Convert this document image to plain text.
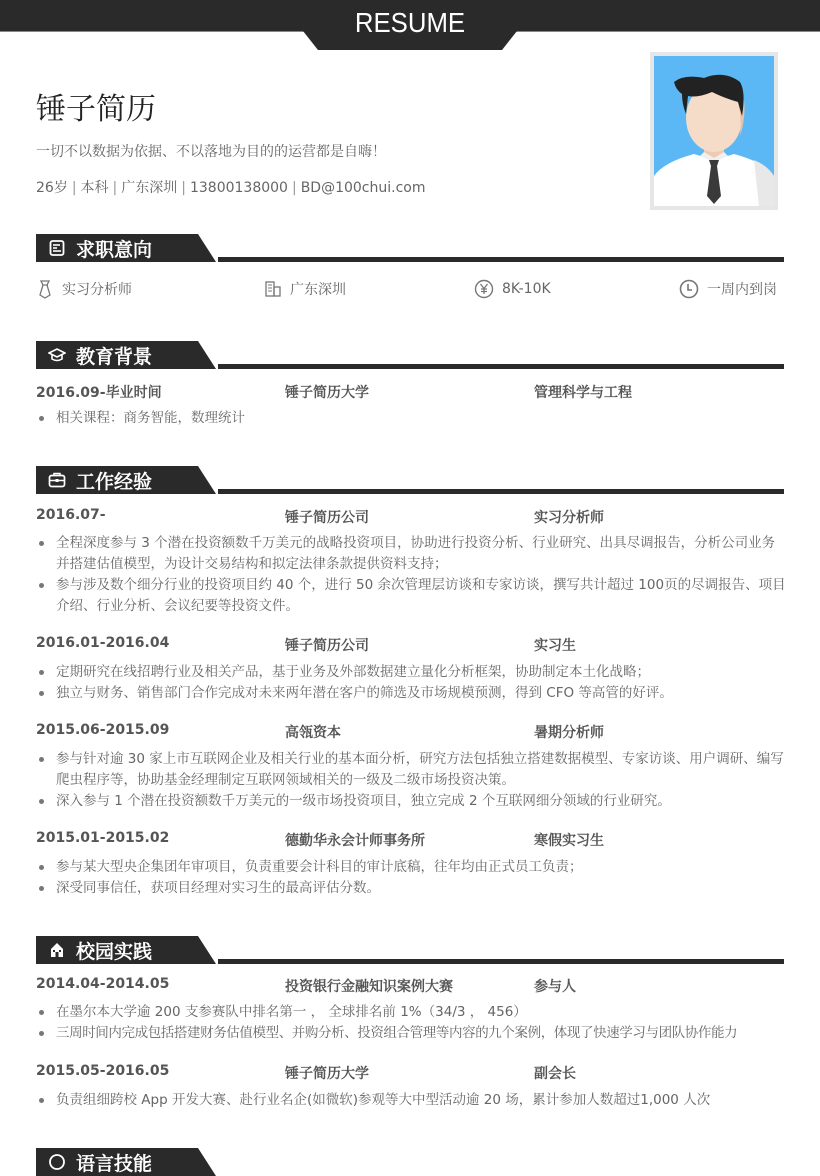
RESUME
锤子简历
一切不以数据为依据、不以落地为目的的运营都是自嗨！
26岁 | 本科 | 广东深圳 | 13800138000 | BD@100chui.com
求职意向
实习分析师	广东深圳	8K-10K	一周内到岗
教育背景
2016.09-毕业时间	锤子简历大学	管理科学与工程
相关课程：商务智能，数理统计
工作经验
2016.07-	锤子简历公司	实习分析师
全程深度参与 3 个潜在投资额数千万美元的战略投资项目，协助进行投资分析、行业研究、出具尽调报告，分析公司业务并搭建估值模型，为设计交易结构和拟定法律条款提供资料支持；
参与涉及数个细分行业的投资项目约 40 个，进行 50 余次管理层访谈和专家访谈，撰写共计超过 100页的尽调报告、项目介绍、行业分析、会议纪要等投资文件。
2016.01-2016.04	锤子简历公司	实习生
定期研究在线招聘行业及相关产品，基于业务及外部数据建立量化分析框架，协助制定本土化战略；
独立与财务、销售部门合作完成对未来两年潜在客户的筛选及市场规模预测，得到 CFO 等高管的好评。
2015.06-2015.09	高瓴资本	暑期分析师
参与针对逾 30 家上市互联网企业及相关行业的基本面分析，研究方法包括独立搭建数据模型、专家访谈、用户调研、编写爬虫程序等，协助基金经理制定互联网领域相关的一级及二级市场投资决策。
深入参与 1 个潜在投资额数千万美元的一级市场投资项目，独立完成 2 个互联网细分领域的行业研究。
2015.01-2015.02	德勤华永会计师事务所	寒假实习生
参与某大型央企集团年审项目，负责重要会计科目的审计底稿，往年均由正式员工负责；
深受同事信任，获项目经理对实习生的最高评估分数。
校园实践
2014.04-2014.05	投资银行金融知识案例大赛	参与人
在墨尔本大学逾 200 支参赛队中排名第一 ， 全球排名前 1%（34/3 ， 456）
三周时间内完成包括搭建财务估值模型、并购分析、投资组合管理等内容的九个案例，体现了快速学习与团队协作能力
2015.05-2016.05	锤子简历大学	副会长
负责组细跨校 App 开发大赛、赴行业名企(如微软)参观等大中型活动逾 20 场，累计参加人数超过1,000 人次
语言技能
